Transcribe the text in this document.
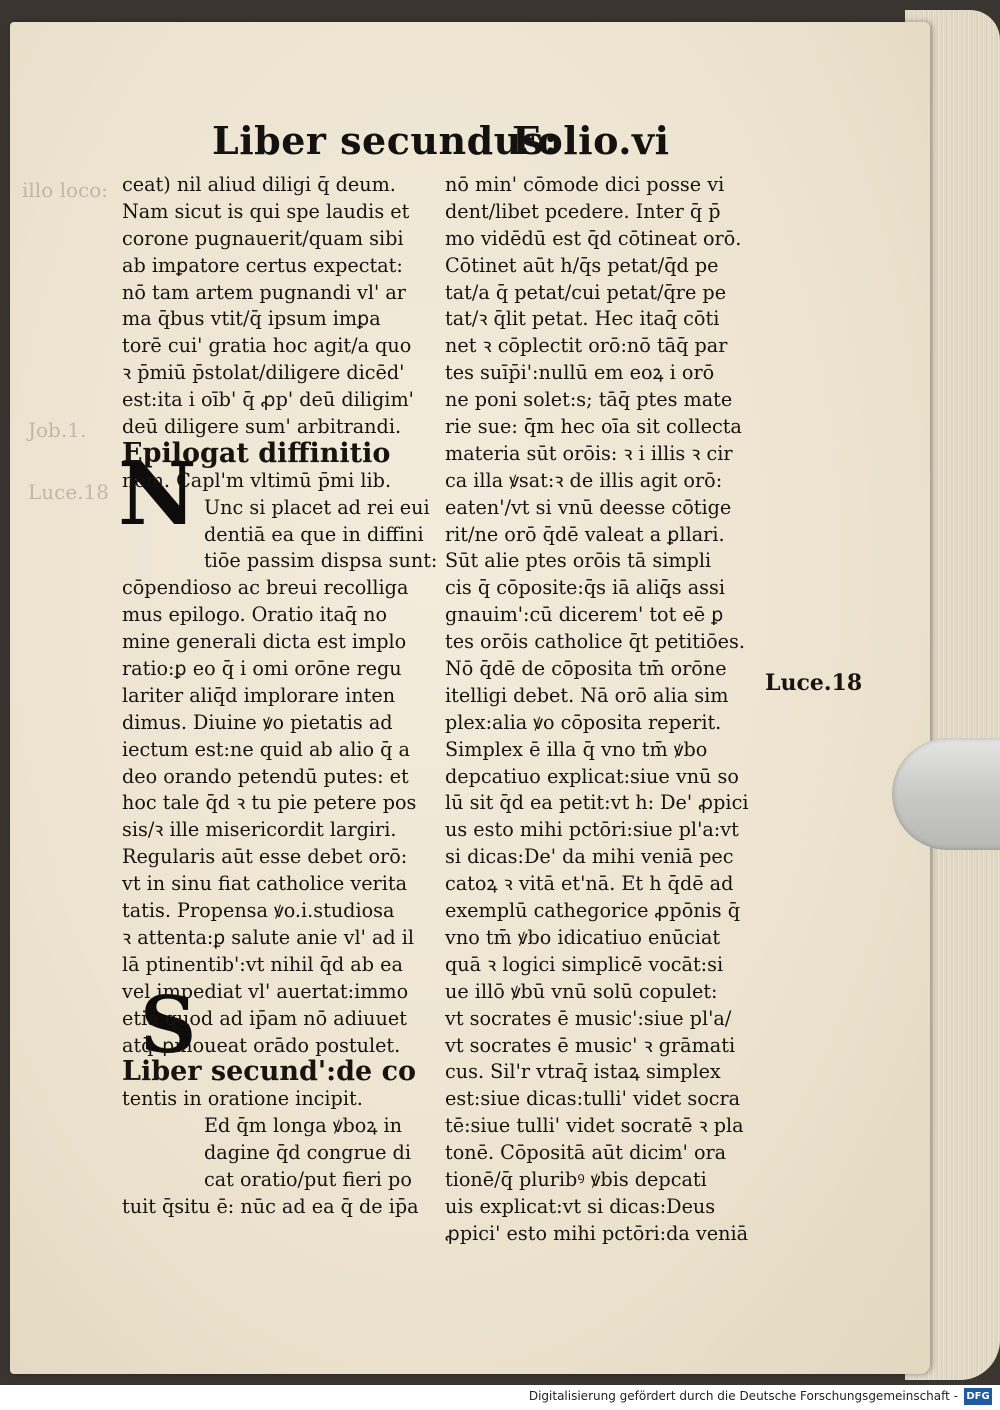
illo loco:
Job.1.
Luce.18
Liber secundus:
Folio.vi
N
S
ceat) nil aliud diligi q̄ deum.
Nam sicut is qui spe laudis et
corone pugnauerit/quam sibi
ab imꝑatore certus expectat:
nō tam artem pugnandi vl' ar
ma q̄bus vtit/q̄ ipsum imꝑa
torē cui' gratia hoc agit/a quo
ꝛ p̄miū p̄stolat/diligere dicēd'
est:ita i oīb' q̄ ꝓp' deū diligim'
deū diligere sum' arbitrandi.
Epilogat diffinitio
nem. Capl'm vltimū p̄mi lib.
Unc si placet ad rei eui
dentiā ea que in diffini
tiōe passim dispsa sunt:
cōpendioso ac breui recolliga
mus epilogo. Oratio itaq̄ no
mine generali dicta est implo
ratio:ꝑ eo q̄ i omi orōne regu
lariter aliq̄d implorare inten
dimus. Diuine ꝟo pietatis ad
iectum est:ne quid ab alio q̄ a
deo orando petendū putes: et
hoc tale q̄d ꝛ tu pie petere pos
sis/ꝛ ille misericordit largiri.
Regularis aūt esse debet orō:
vt in sinu fiat catholice verita
tatis. Propensa ꝟo.i.studiosa
ꝛ attenta:ꝑ salute anie vl' ad il
lā ptinentib':vt nihil q̄d ab ea
vel impediat vl' auertat:immo
etiā quod ad ip̄am nō adiuuet
atq̄ ꝓmoueat orādo postulet.
Liber secund':de co
tentis in oratione incipit.
Ed q̄m longa ꝟboꝝ in
dagine q̄d congrue di
cat oratio/put fieri po
tuit q̄situ ē: nūc ad ea q̄ de ip̄a
nō min' cōmode dici posse vi
dent/libet pcedere. Inter q̄ p̄
mo vidēdū est q̄d cōtineat orō.
Cōtinet aūt h/q̄s petat/q̄d pe
tat/a q̄ petat/cui petat/q̄re pe
tat/ꝛ q̄lit petat. Hec itaq̄ cōti
net ꝛ cōplectit orō:nō tāq̄ par
tes suīp̄i':nullū em eoꝝ i orō
ne poni solet:s; tāq̄ ptes mate
rie sue: q̄m hec oīa sit collecta
materia sūt orōis: ꝛ i illis ꝛ cir
ca illa ꝟsat:ꝛ de illis agit orō:
eaten'/vt si vnū deesse cōtige
rit/ne orō q̄dē valeat a ꝑllari.
Sūt alie ptes orōis tā simpli
cis q̄ cōposite:q̄s iā aliq̄s assi
gnauim':cū dicerem' tot eē ꝑ
tes orōis catholice q̄t petitiōes.
Nō q̄dē de cōposita tm̄ orōne
itelligi debet. Nā orō alia sim
plex:alia ꝟo cōposita reperit.
Simplex ē illa q̄ vno tm̄ ꝟbo
depcatiuo explicat:siue vnū so
lū sit q̄d ea petit:vt h: De' ꝓpici
us esto mihi pctōri:siue pl'a:vt
si dicas:De' da mihi veniā pec
catoꝝ ꝛ vitā et'nā. Et h q̄dē ad
exemplū cathegorice ꝓpōnis q̄
vno tm̄ ꝟbo idicatiuo enūciat
quā ꝛ logici simplicē vocāt:si
ue illō ꝟbū vnū solū copulet:
vt socrates ē music':siue pl'a/
vt socrates ē music' ꝛ grāmati
cus. Sil'r vtraq̄ istaꝝ simplex
est:siue dicas:tulli' videt socra
tē:siue tulli' videt socratē ꝛ pla
tonē. Cōpositā aūt dicim' ora
tionē/q̄ pluribꝰ ꝟbis depcati
uis explicat:vt si dicas:Deus
ꝓpici' esto mihi pctōri:da veniā
Luce.18
Digitalisierung gefördert durch die Deutsche Forschungsgemeinschaft - DFG
